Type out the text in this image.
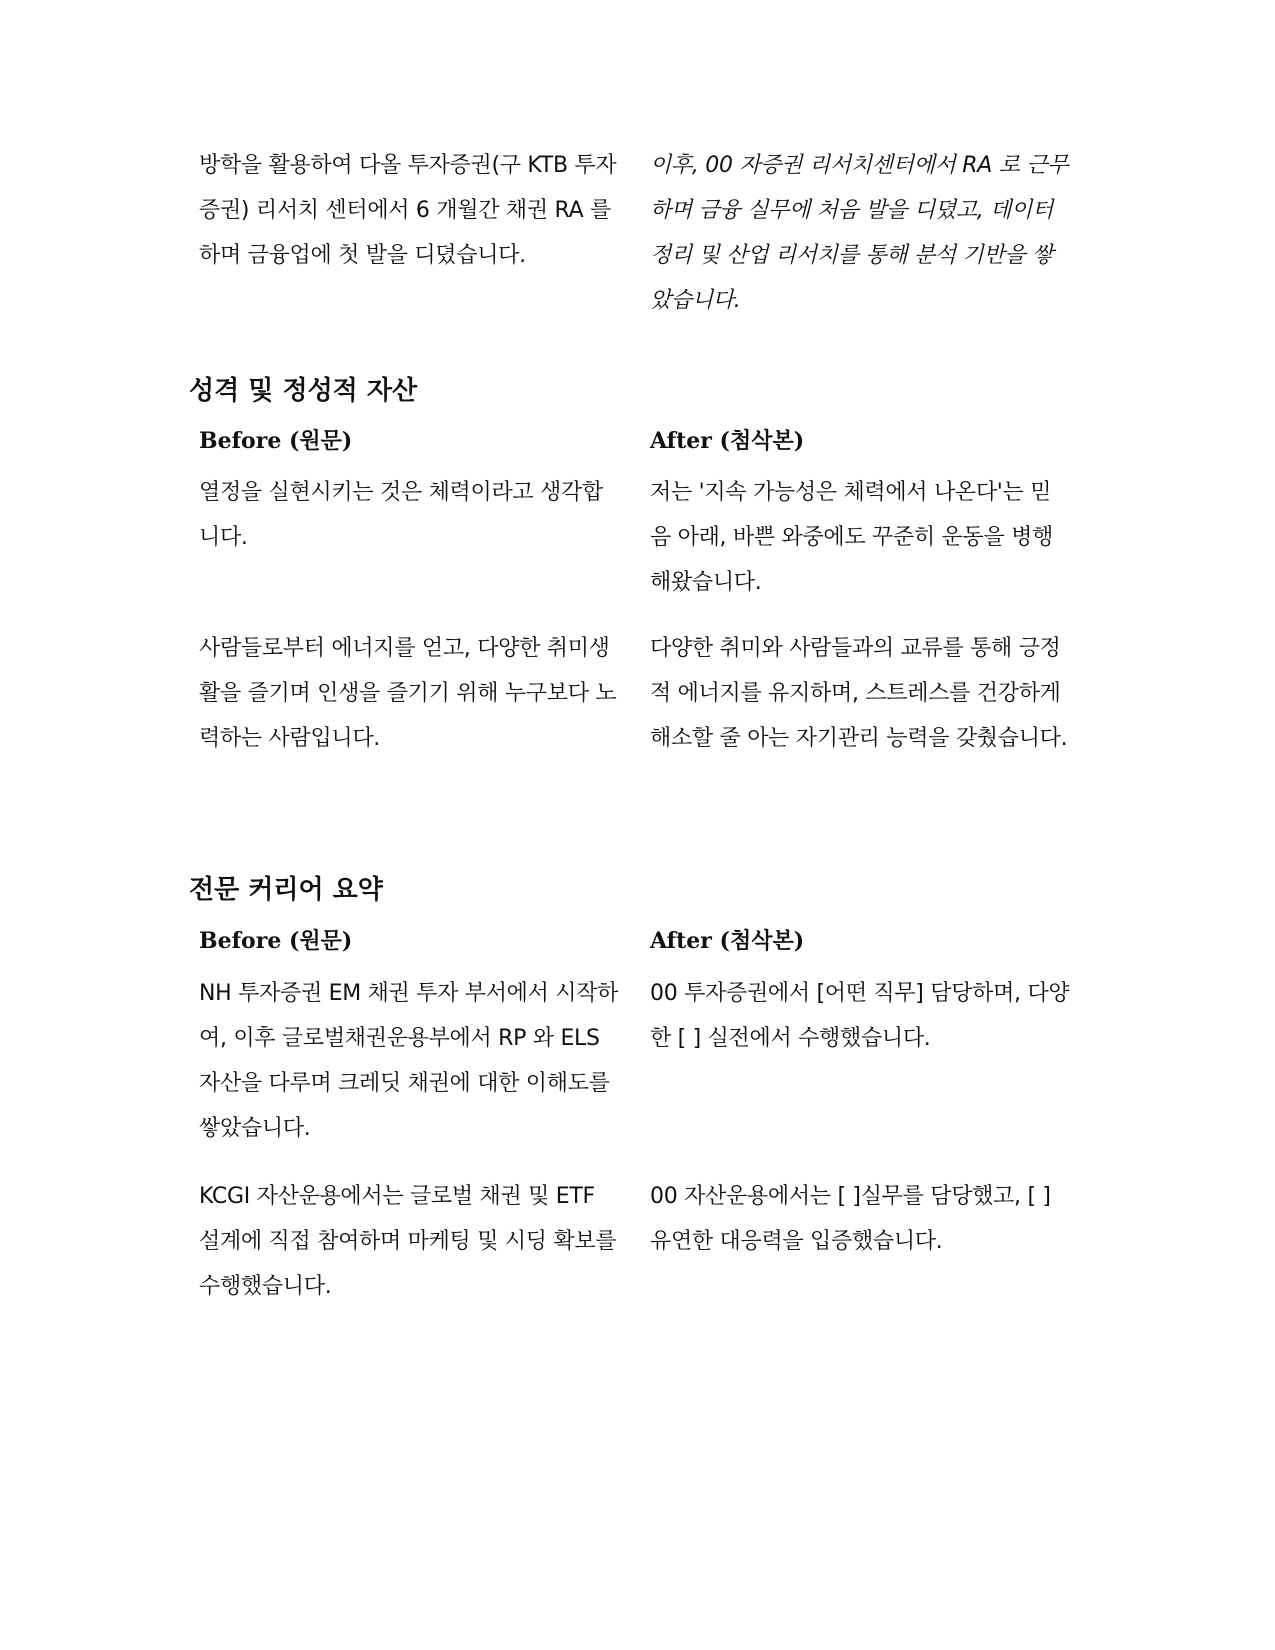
방학을 활용하여 다올 투자증권(구 KTB 투자증권) 리서치 센터에서 6 개월간 채권 RA 를 하며 금융업에 첫 발을 디뎠습니다.

이후, 00 자증권 리서치센터에서 RA 로 근무하며 금융 실무에 처음 발을 디뎠고, 데이터 정리 및 산업 리서치를 통해 분석 기반을 쌓았습니다.

성격 및 정성적 자산
Before (원문)	After (첨삭본)

열정을 실현시키는 것은 체력이라고 생각합니다.

저는 '지속 가능성은 체력에서 나온다'는 믿음 아래, 바쁜 와중에도 꾸준히 운동을 병행해왔습니다.

사람들로부터 에너지를 얻고, 다양한 취미생활을 즐기며 인생을 즐기기 위해 누구보다 노력하는 사람입니다.

다양한 취미와 사람들과의 교류를 통해 긍정적 에너지를 유지하며, 스트레스를 건강하게 해소할 줄 아는 자기관리 능력을 갖췄습니다.

전문 커리어 요약
Before (원문)	After (첨삭본)

NH 투자증권 EM 채권 투자 부서에서 시작하여, 이후 글로벌채권운용부에서 RP 와 ELS 자산을 다루며 크레딧 채권에 대한 이해도를 쌓았습니다.

00 투자증권에서 [어떤 직무] 담당하며, 다양한 [ ] 실전에서 수행했습니다.

KCGI 자산운용에서는 글로벌 채권 및 ETF 설계에 직접 참여하며 마케팅 및 시딩 확보를 수행했습니다.

00 자산운용에서는 [ ]실무를 담당했고, [ ]유연한 대응력을 입증했습니다.
